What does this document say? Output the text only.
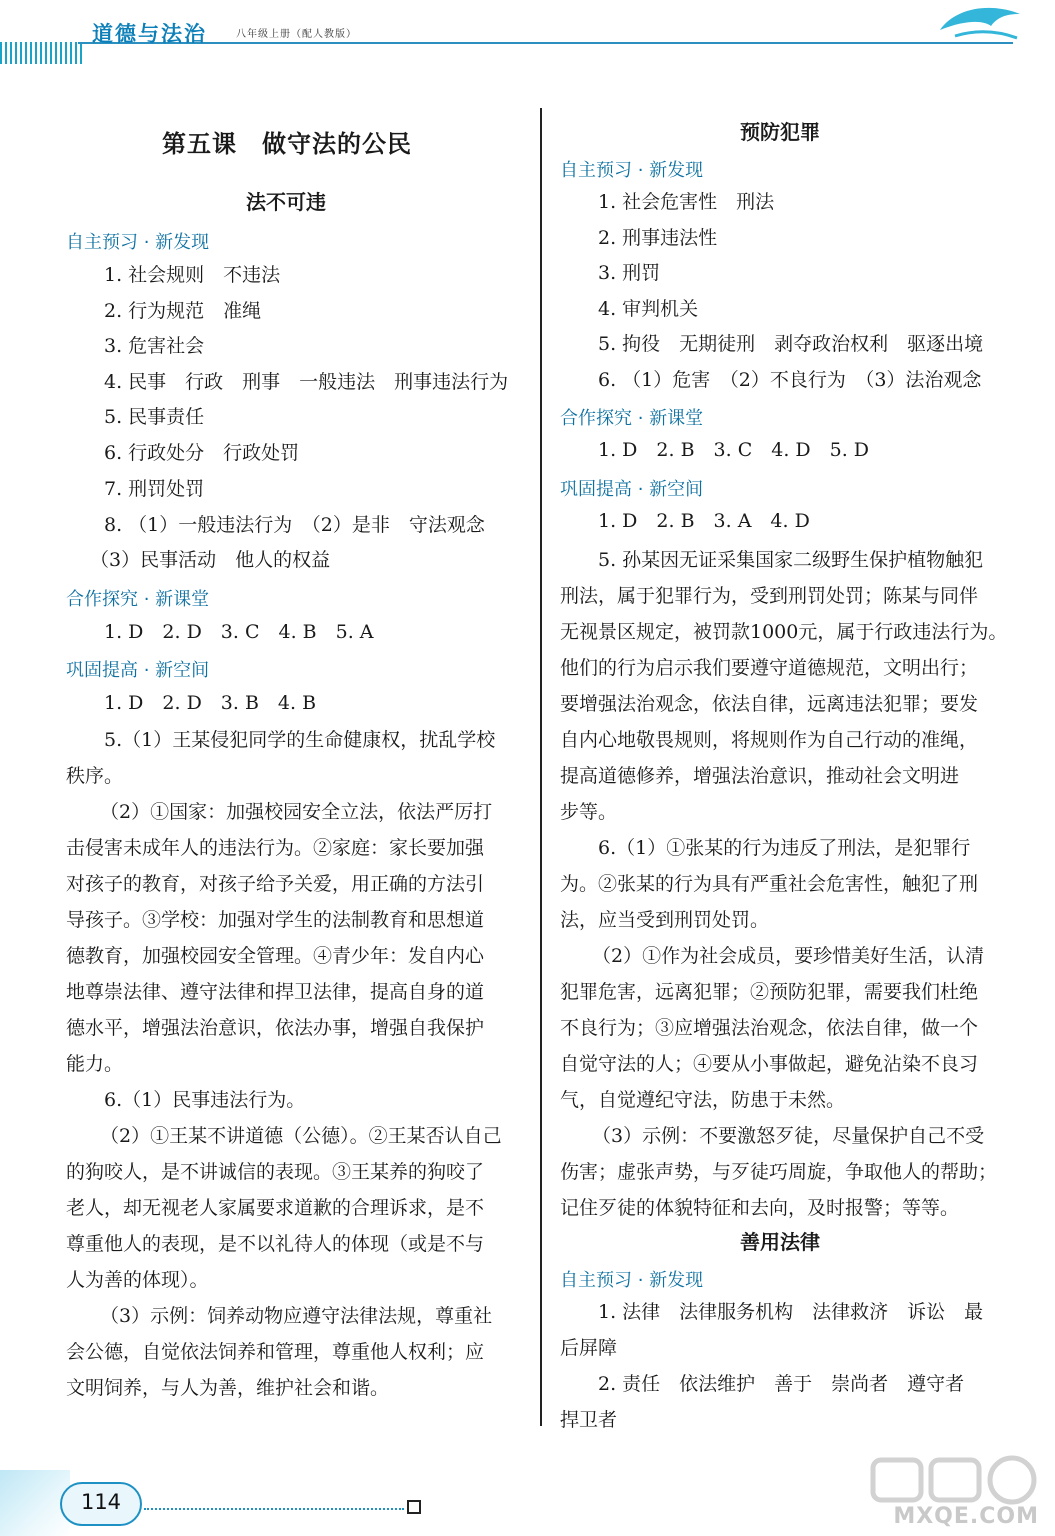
道德与法治	八年级上册（配人教版）
第五课　做守法的公民
法不可违
自主预习 · 新发现
1. 社会规则　不违法
2. 行为规范　准绳
3. 危害社会
4. 民事　行政　刑事　一般违法　刑事违法行为
5. 民事责任
6. 行政处分　行政处罚
7. 刑罚处罚
8. （1）一般违法行为　（2）是非　守法观念
（3）民事活动　他人的权益
合作探究 · 新课堂
1. D　2. D　3. C　4. B　5. A
巩固提高 · 新空间
1. D　2. D　3. B　4. B
5.（1）王某侵犯同学的生命健康权，扰乱学校
秩序。
（2）①国家：加强校园安全立法，依法严厉打
击侵害未成年人的违法行为。②家庭：家长要加强
对孩子的教育，对孩子给予关爱，用正确的方法引
导孩子。③学校：加强对学生的法制教育和思想道
德教育，加强校园安全管理。④青少年：发自内心
地尊崇法律、遵守法律和捍卫法律，提高自身的道
德水平，增强法治意识，依法办事，增强自我保护
能力。
6.（1）民事违法行为。
（2）①王某不讲道德（公德）。②王某否认自己
的狗咬人，是不讲诚信的表现。③王某养的狗咬了
老人，却无视老人家属要求道歉的合理诉求，是不
尊重他人的表现，是不以礼待人的体现（或是不与
人为善的体现）。
（3）示例：饲养动物应遵守法律法规，尊重社
会公德，自觉依法饲养和管理，尊重他人权利；应
文明饲养，与人为善，维护社会和谐。
预防犯罪
自主预习 · 新发现
1. 社会危害性　刑法
2. 刑事违法性
3. 刑罚
4. 审判机关
5. 拘役　无期徒刑　剥夺政治权利　驱逐出境
6. （1）危害　（2）不良行为　（3）法治观念
合作探究 · 新课堂
1. D　2. B　3. C　4. D　5. D
巩固提高 · 新空间
1. D　2. B　3. A　4. D
5. 孙某因无证采集国家二级野生保护植物触犯
刑法，属于犯罪行为，受到刑罚处罚；陈某与同伴
无视景区规定，被罚款1000元，属于行政违法行为。
他们的行为启示我们要遵守道德规范，文明出行；
要增强法治观念，依法自律，远离违法犯罪；要发
自内心地敬畏规则，将规则作为自己行动的准绳，
提高道德修养，增强法治意识，推动社会文明进
步等。
6.（1）①张某的行为违反了刑法，是犯罪行
为。②张某的行为具有严重社会危害性，触犯了刑
法，应当受到刑罚处罚。
（2）①作为社会成员，要珍惜美好生活，认清
犯罪危害，远离犯罪；②预防犯罪，需要我们杜绝
不良行为；③应增强法治观念，依法自律，做一个
自觉守法的人；④要从小事做起，避免沾染不良习
气，自觉遵纪守法，防患于未然。
（3）示例：不要激怒歹徒，尽量保护自己不受
伤害；虚张声势，与歹徒巧周旋，争取他人的帮助；
记住歹徒的体貌特征和去向，及时报警；等等。
善用法律
自主预习 · 新发现
1. 法律　法律服务机构　法律救济　诉讼　最
后屏障
2. 责任　依法维护　善于　崇尚者　遵守者
捍卫者
114
MXQE.COM
